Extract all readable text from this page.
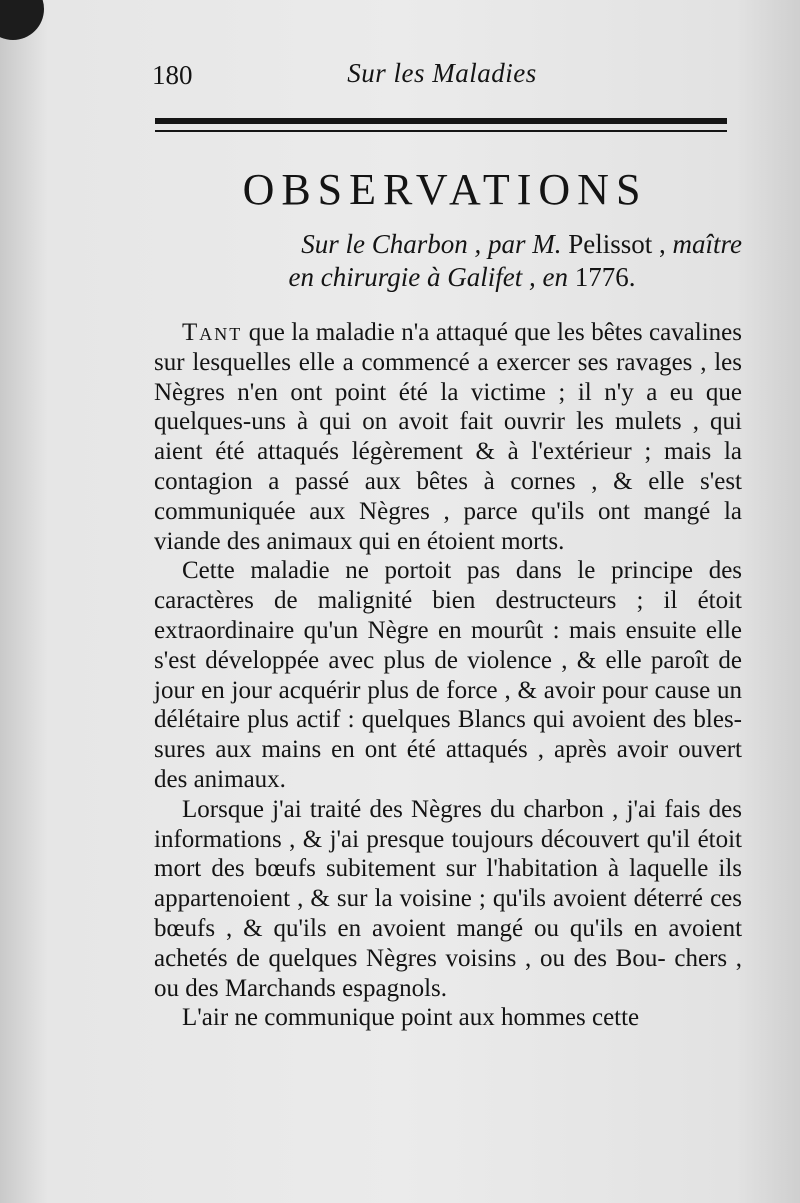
180	Sur les Maladies
OBSERVATIONS
Sur le Charbon , par M. Pelissot , maître
en chirurgie à Galifet , en 1776.

Tant que la maladie n'a attaqué que les bêtes cavalines sur lesquelles elle a commencé a exercer ses ravages , les Nègres n'en ont point été la victime ; il n'y a eu que quelques-uns à qui on avoit fait ouvrir les mulets , qui aient été attaqués légèrement & à l'extérieur ; mais la contagion a passé aux bêtes à cornes , & elle s'est communiquée aux Nègres , parce qu'ils ont mangé la viande des animaux qui en étoient morts.

Cette maladie ne portoit pas dans le principe des caractères de malignité bien destructeurs ; il étoit extraordinaire qu'un Nègre en mourût : mais ensuite elle s'est développée avec plus de violence , & elle paroît de jour en jour acquérir plus de force , & avoir pour cause un délétaire plus actif : quelques Blancs qui avoient des bles- sures aux mains en ont été attaqués , après avoir ouvert des animaux.

Lorsque j'ai traité des Nègres du charbon , j'ai fais des informations , & j'ai presque toujours découvert qu'il étoit mort des bœufs subitement sur l'habitation à laquelle ils appartenoient , & sur la voisine ; qu'ils avoient déterré ces bœufs , & qu'ils en avoient mangé ou qu'ils en avoient achetés de quelques Nègres voisins , ou des Bou- chers , ou des Marchands espagnols.

L'air ne communique point aux hommes cette
